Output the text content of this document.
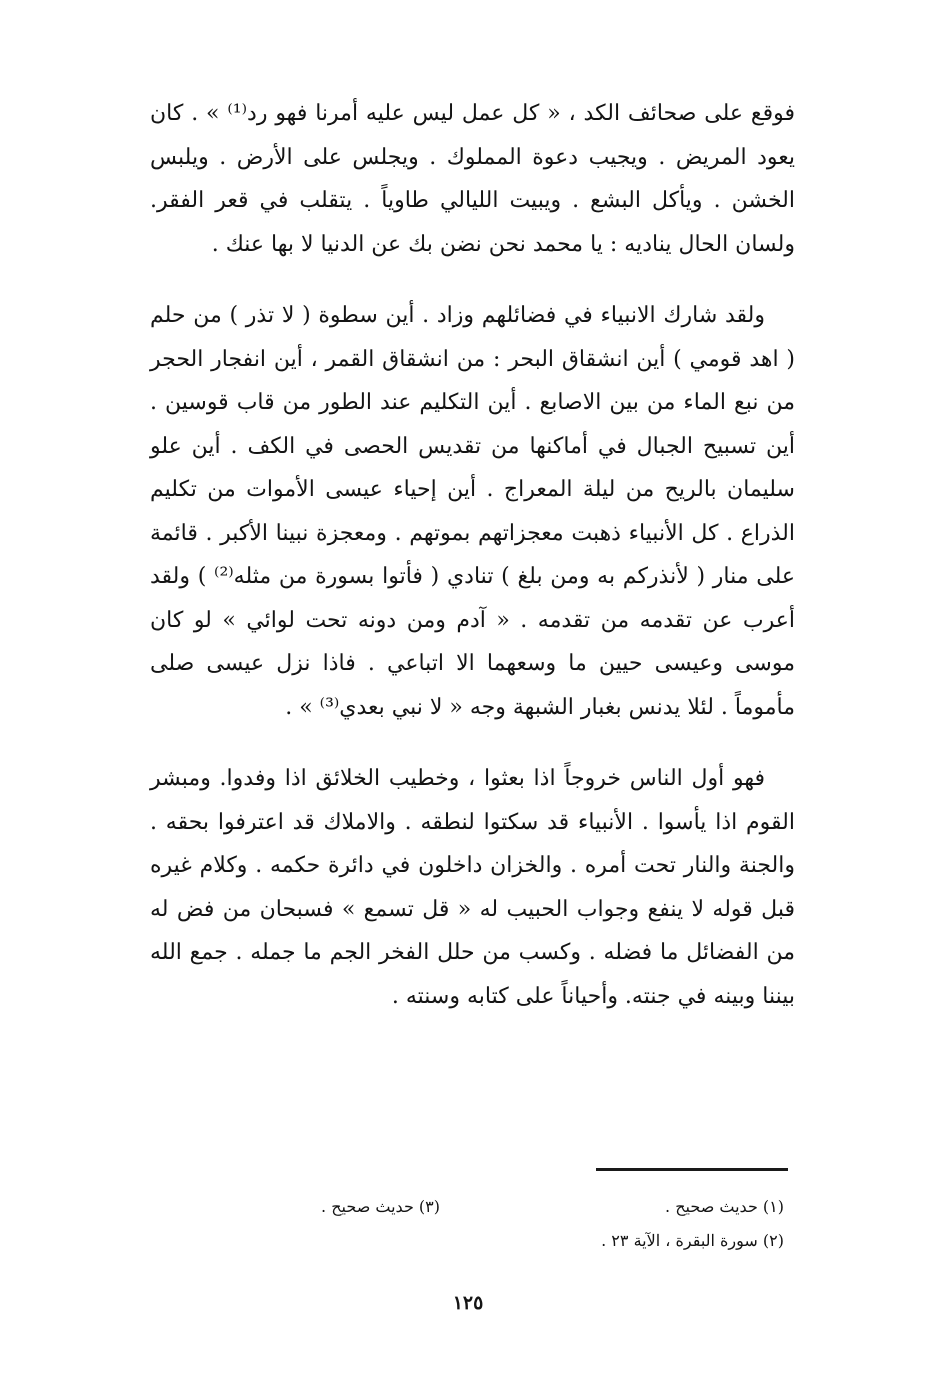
فوقع على صحائف الكد ، « كل عمل ليس عليه أمرنا فهو رد⁽¹⁾ » . كان يعود المريض . ويجيب دعوة المملوك . ويجلس على الأرض . ويلبس الخشن . ويأكل البشع . ويبيت الليالي طاوياً . يتقلب في قعر الفقر. ولسان الحال يناديه : يا محمد نحن نضن بك عن الدنيا لا بها عنك .

ولقد شارك الانبياء في فضائلهم وزاد . أين سطوة ( لا تذر ) من حلم ( اهد قومي ) أين انشقاق البحر : من انشقاق القمر ، أين انفجار الحجر من نبع الماء من بين الاصابع . أين التكليم عند الطور من قاب قوسين . أين تسبيح الجبال في أماكنها من تقديس الحصى في الكف . أين علو سليمان بالريح من ليلة المعراج . أين إحياء عيسى الأموات من تكليم الذراع . كل الأنبياء ذهبت معجزاتهم بموتهم . ومعجزة نبينا الأكبر . قائمة على منار ( لأنذركم به ومن بلغ ) تنادي ( فأتوا بسورة من مثله⁽²⁾ ) ولقد أعرب عن تقدمه من تقدمه . « آدم ومن دونه تحت لوائي » لو كان موسى وعيسى حيين ما وسعهما الا اتباعي . فاذا نزل عيسى صلى مأموماً . لئلا يدنس بغبار الشبهة وجه « لا نبي بعدي⁽³⁾ » .

فهو أول الناس خروجاً اذا بعثوا ، وخطيب الخلائق اذا وفدوا. ومبشر القوم اذا يأسوا . الأنبياء قد سكتوا لنطقه . والاملاك قد اعترفوا بحقه . والجنة والنار تحت أمره . والخزان داخلون في دائرة حكمه . وكلام غيره قبل قوله لا ينفع وجواب الحبيب له « قل تسمع » فسبحان من فض له من الفضائل ما فضله . وكسب من حلل الفخر الجم ما جمله . جمع الله بيننا وبينه في جنته. وأحياناً على كتابه وسنته .

(١) حديث صحيح .
(٣) حديث صحيح .
(٢) سورة البقرة ، الآية ٢٣ .
١٢٥
